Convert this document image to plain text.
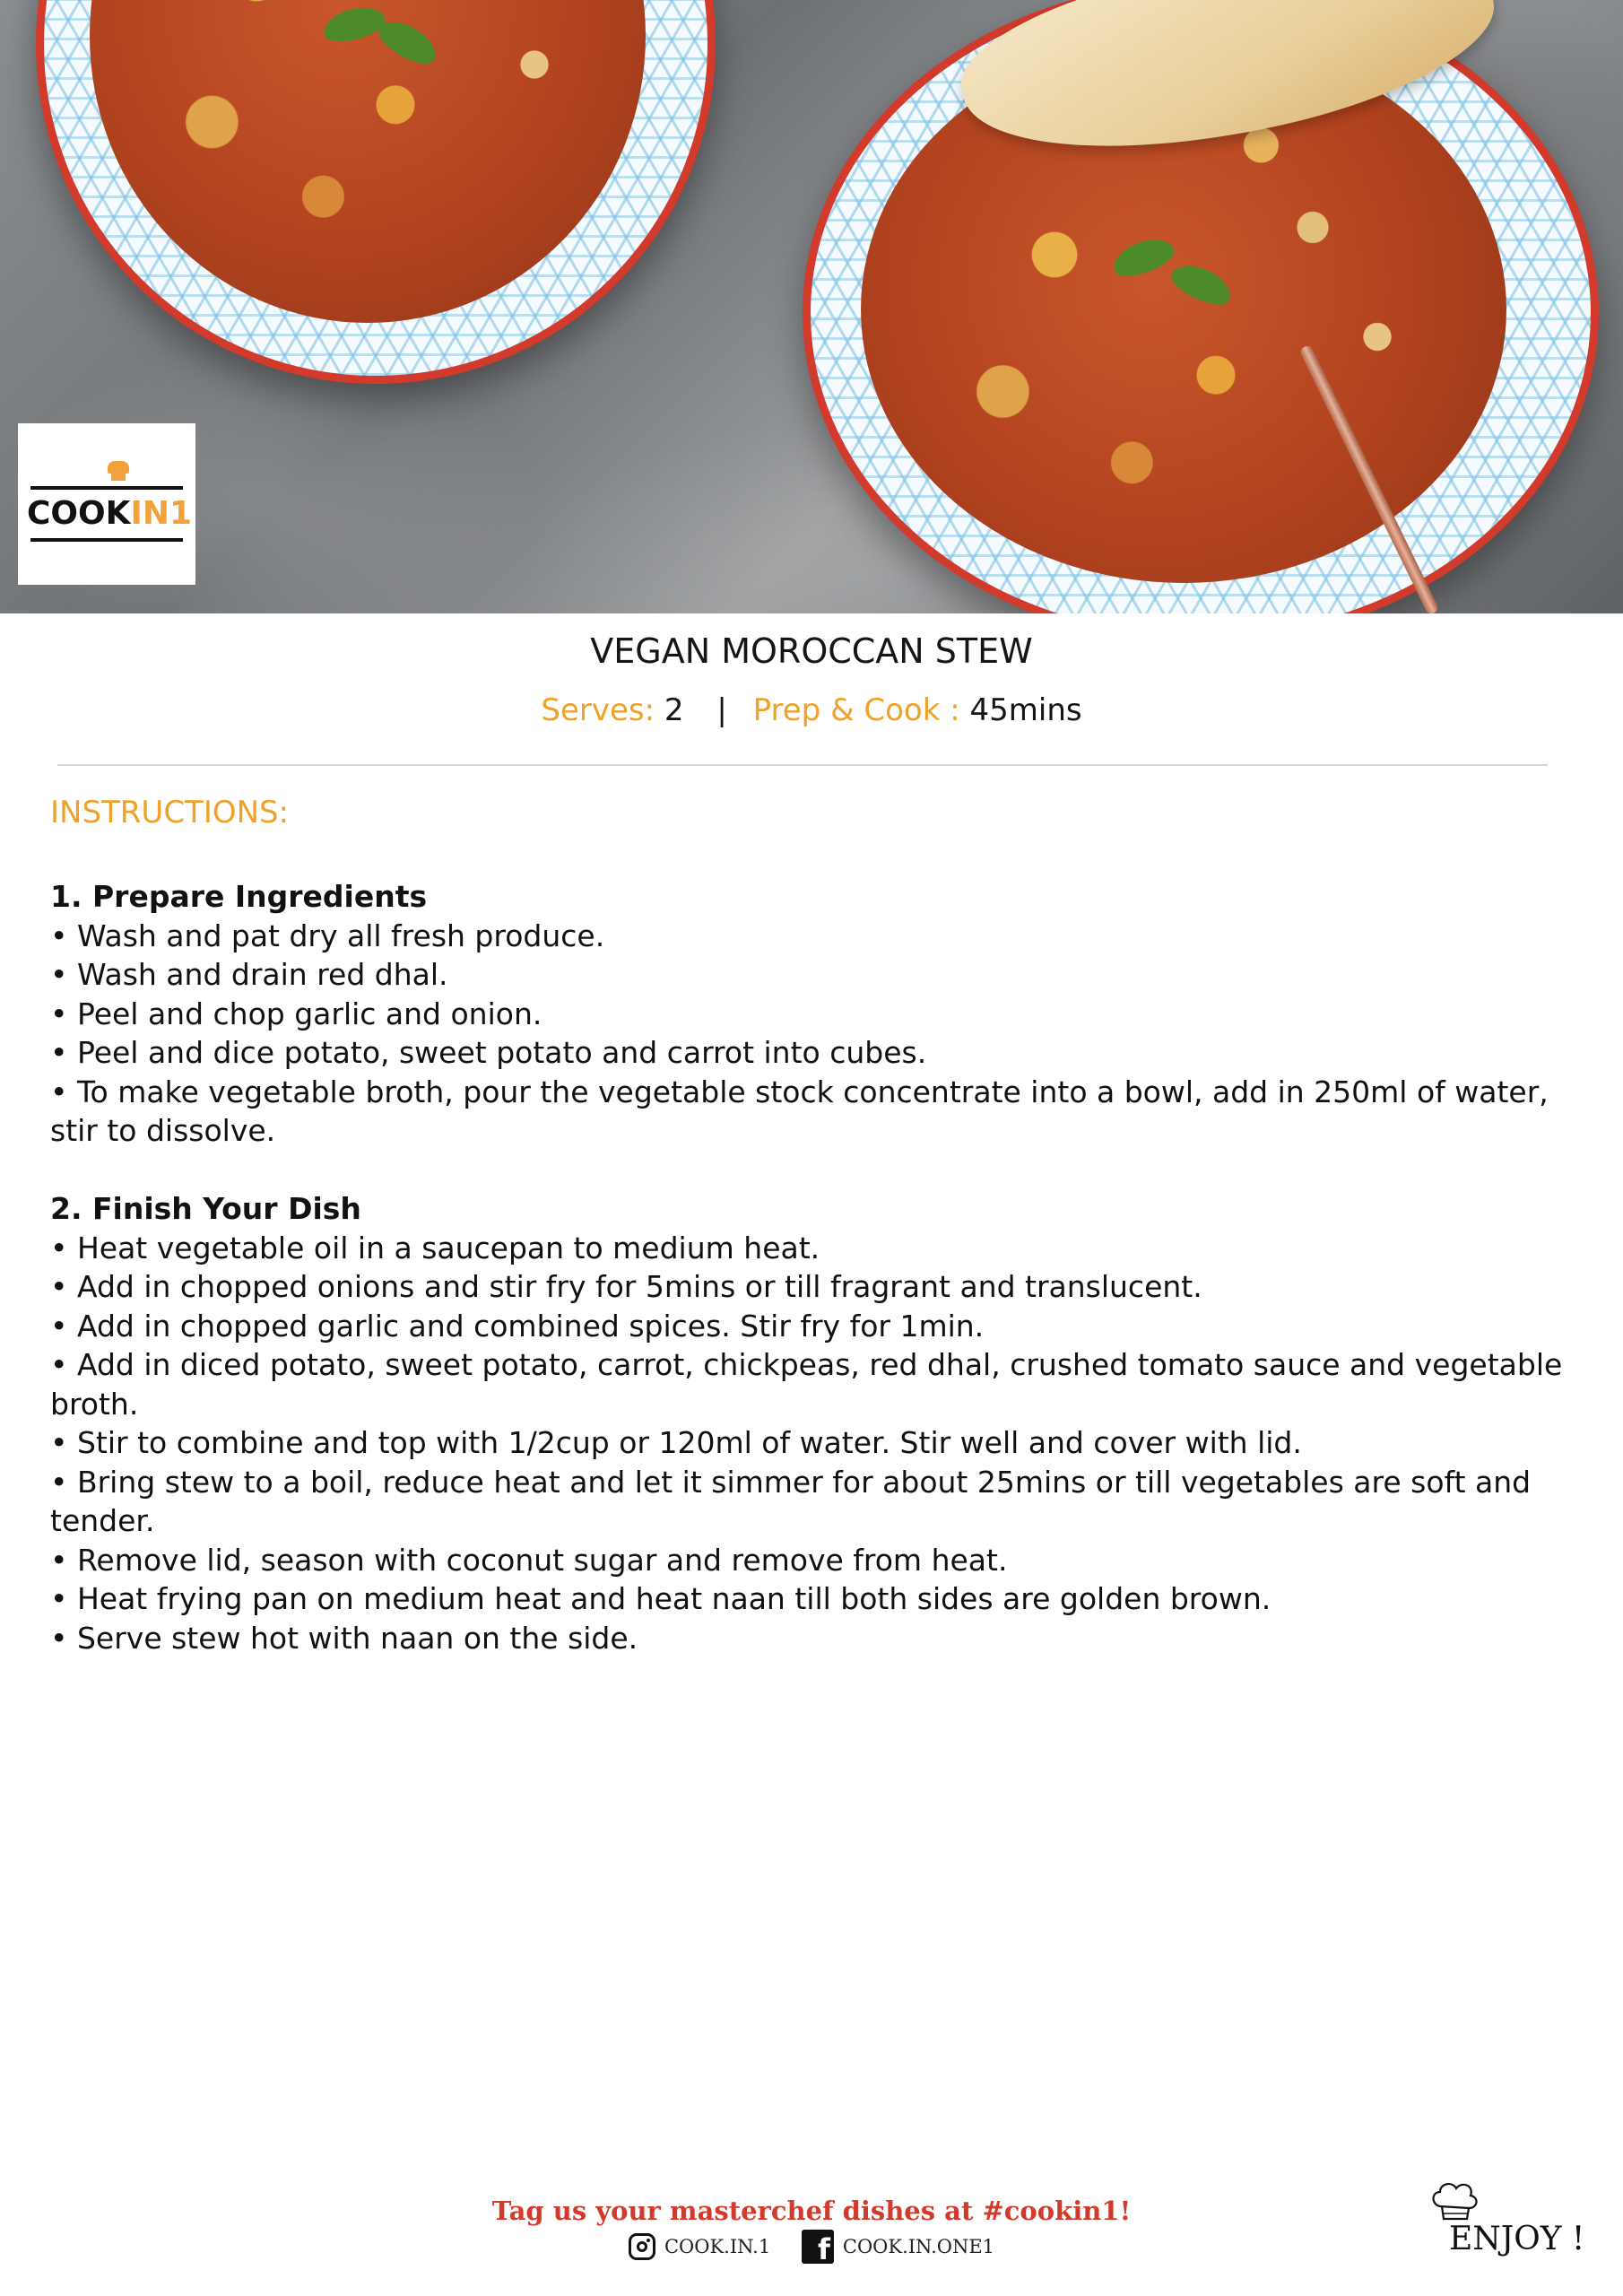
COOKIN1
VEGAN MOROCCAN STEW
Serves: 2 | Prep & Cook : 45mins
INSTRUCTIONS:
1. Prepare Ingredients
• Wash and pat dry all fresh produce.
• Wash and drain red dhal.
• Peel and chop garlic and onion.
• Peel and dice potato, sweet potato and carrot into cubes.
• To make vegetable broth, pour the vegetable stock concentrate into a bowl, add in 250ml of water, stir to dissolve.
2. Finish Your Dish
• Heat vegetable oil in a saucepan to medium heat.
• Add in chopped onions and stir fry for 5mins or till fragrant and translucent.
• Add in chopped garlic and combined spices. Stir fry for 1min.
• Add in diced potato, sweet potato, carrot, chickpeas, red dhal, crushed tomato sauce and vegetable broth.
• Stir to combine and top with 1/2cup or 120ml of water. Stir well and cover with lid.
• Bring stew to a boil, reduce heat and let it simmer for about 25mins or till vegetables are soft and tender.
• Remove lid, season with coconut sugar and remove from heat.
• Heat frying pan on medium heat and heat naan till both sides are golden brown.
• Serve stew hot with naan on the side.
Tag us your masterchef dishes at #cookin1!
COOK.IN.1
	f COOK.IN.ONE1	ENJOY !
